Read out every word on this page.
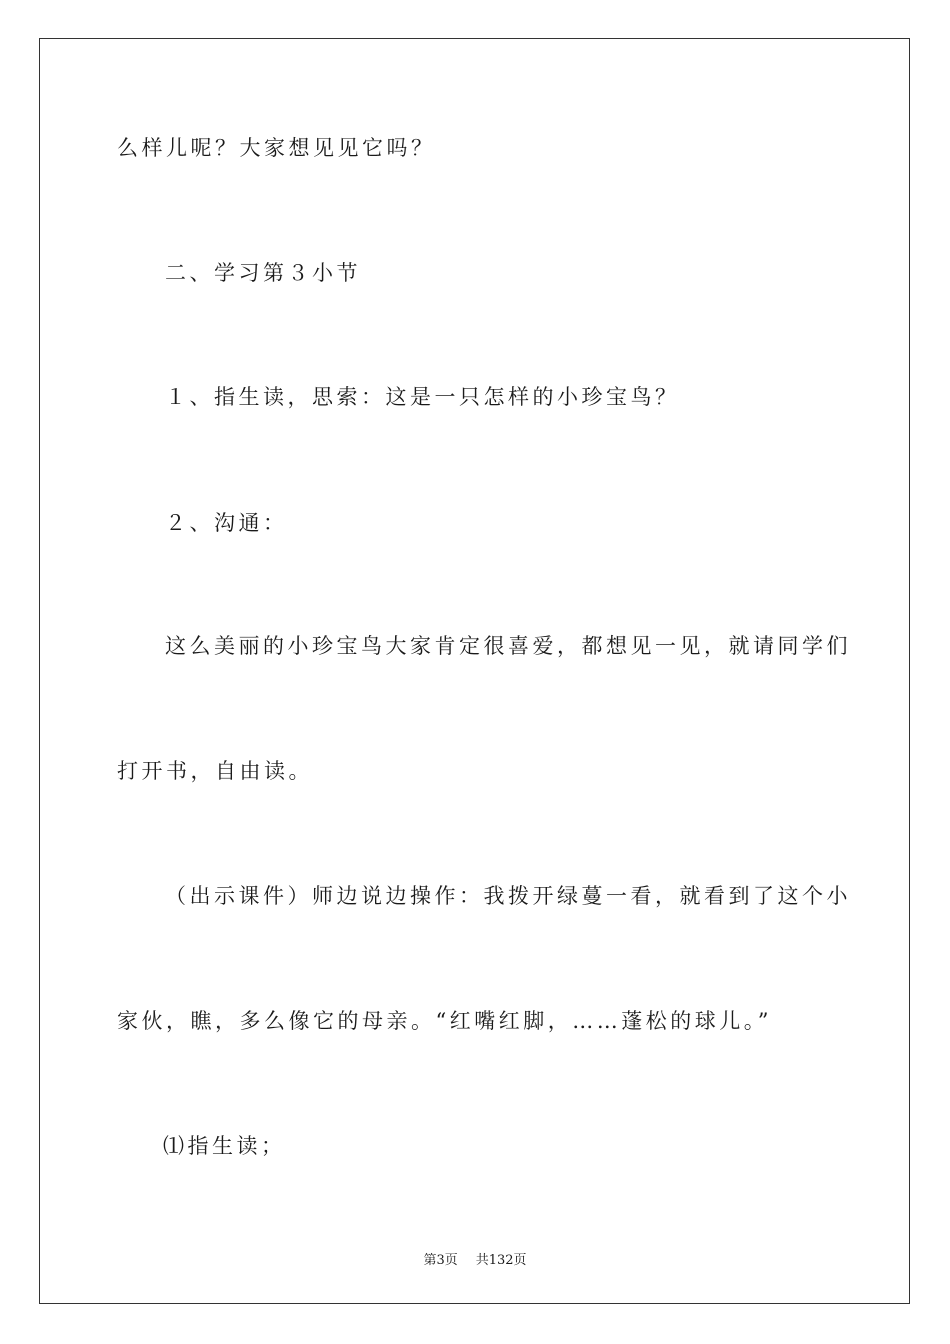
么样儿呢？大家想见见它吗？
二、学习第３小节
１、指生读，思索：这是一只怎样的小珍宝鸟？
２、沟通：
这么美丽的小珍宝鸟大家肯定很喜爱，都想见一见，就请同学们
打开书，自由读。
（出示课件）师边说边操作：我拨开绿蔓一看，就看到了这个小
家伙，瞧，多么像它的母亲。“红嘴红脚，……蓬松的球儿。”
⑴指生读；
第3页 共132页
